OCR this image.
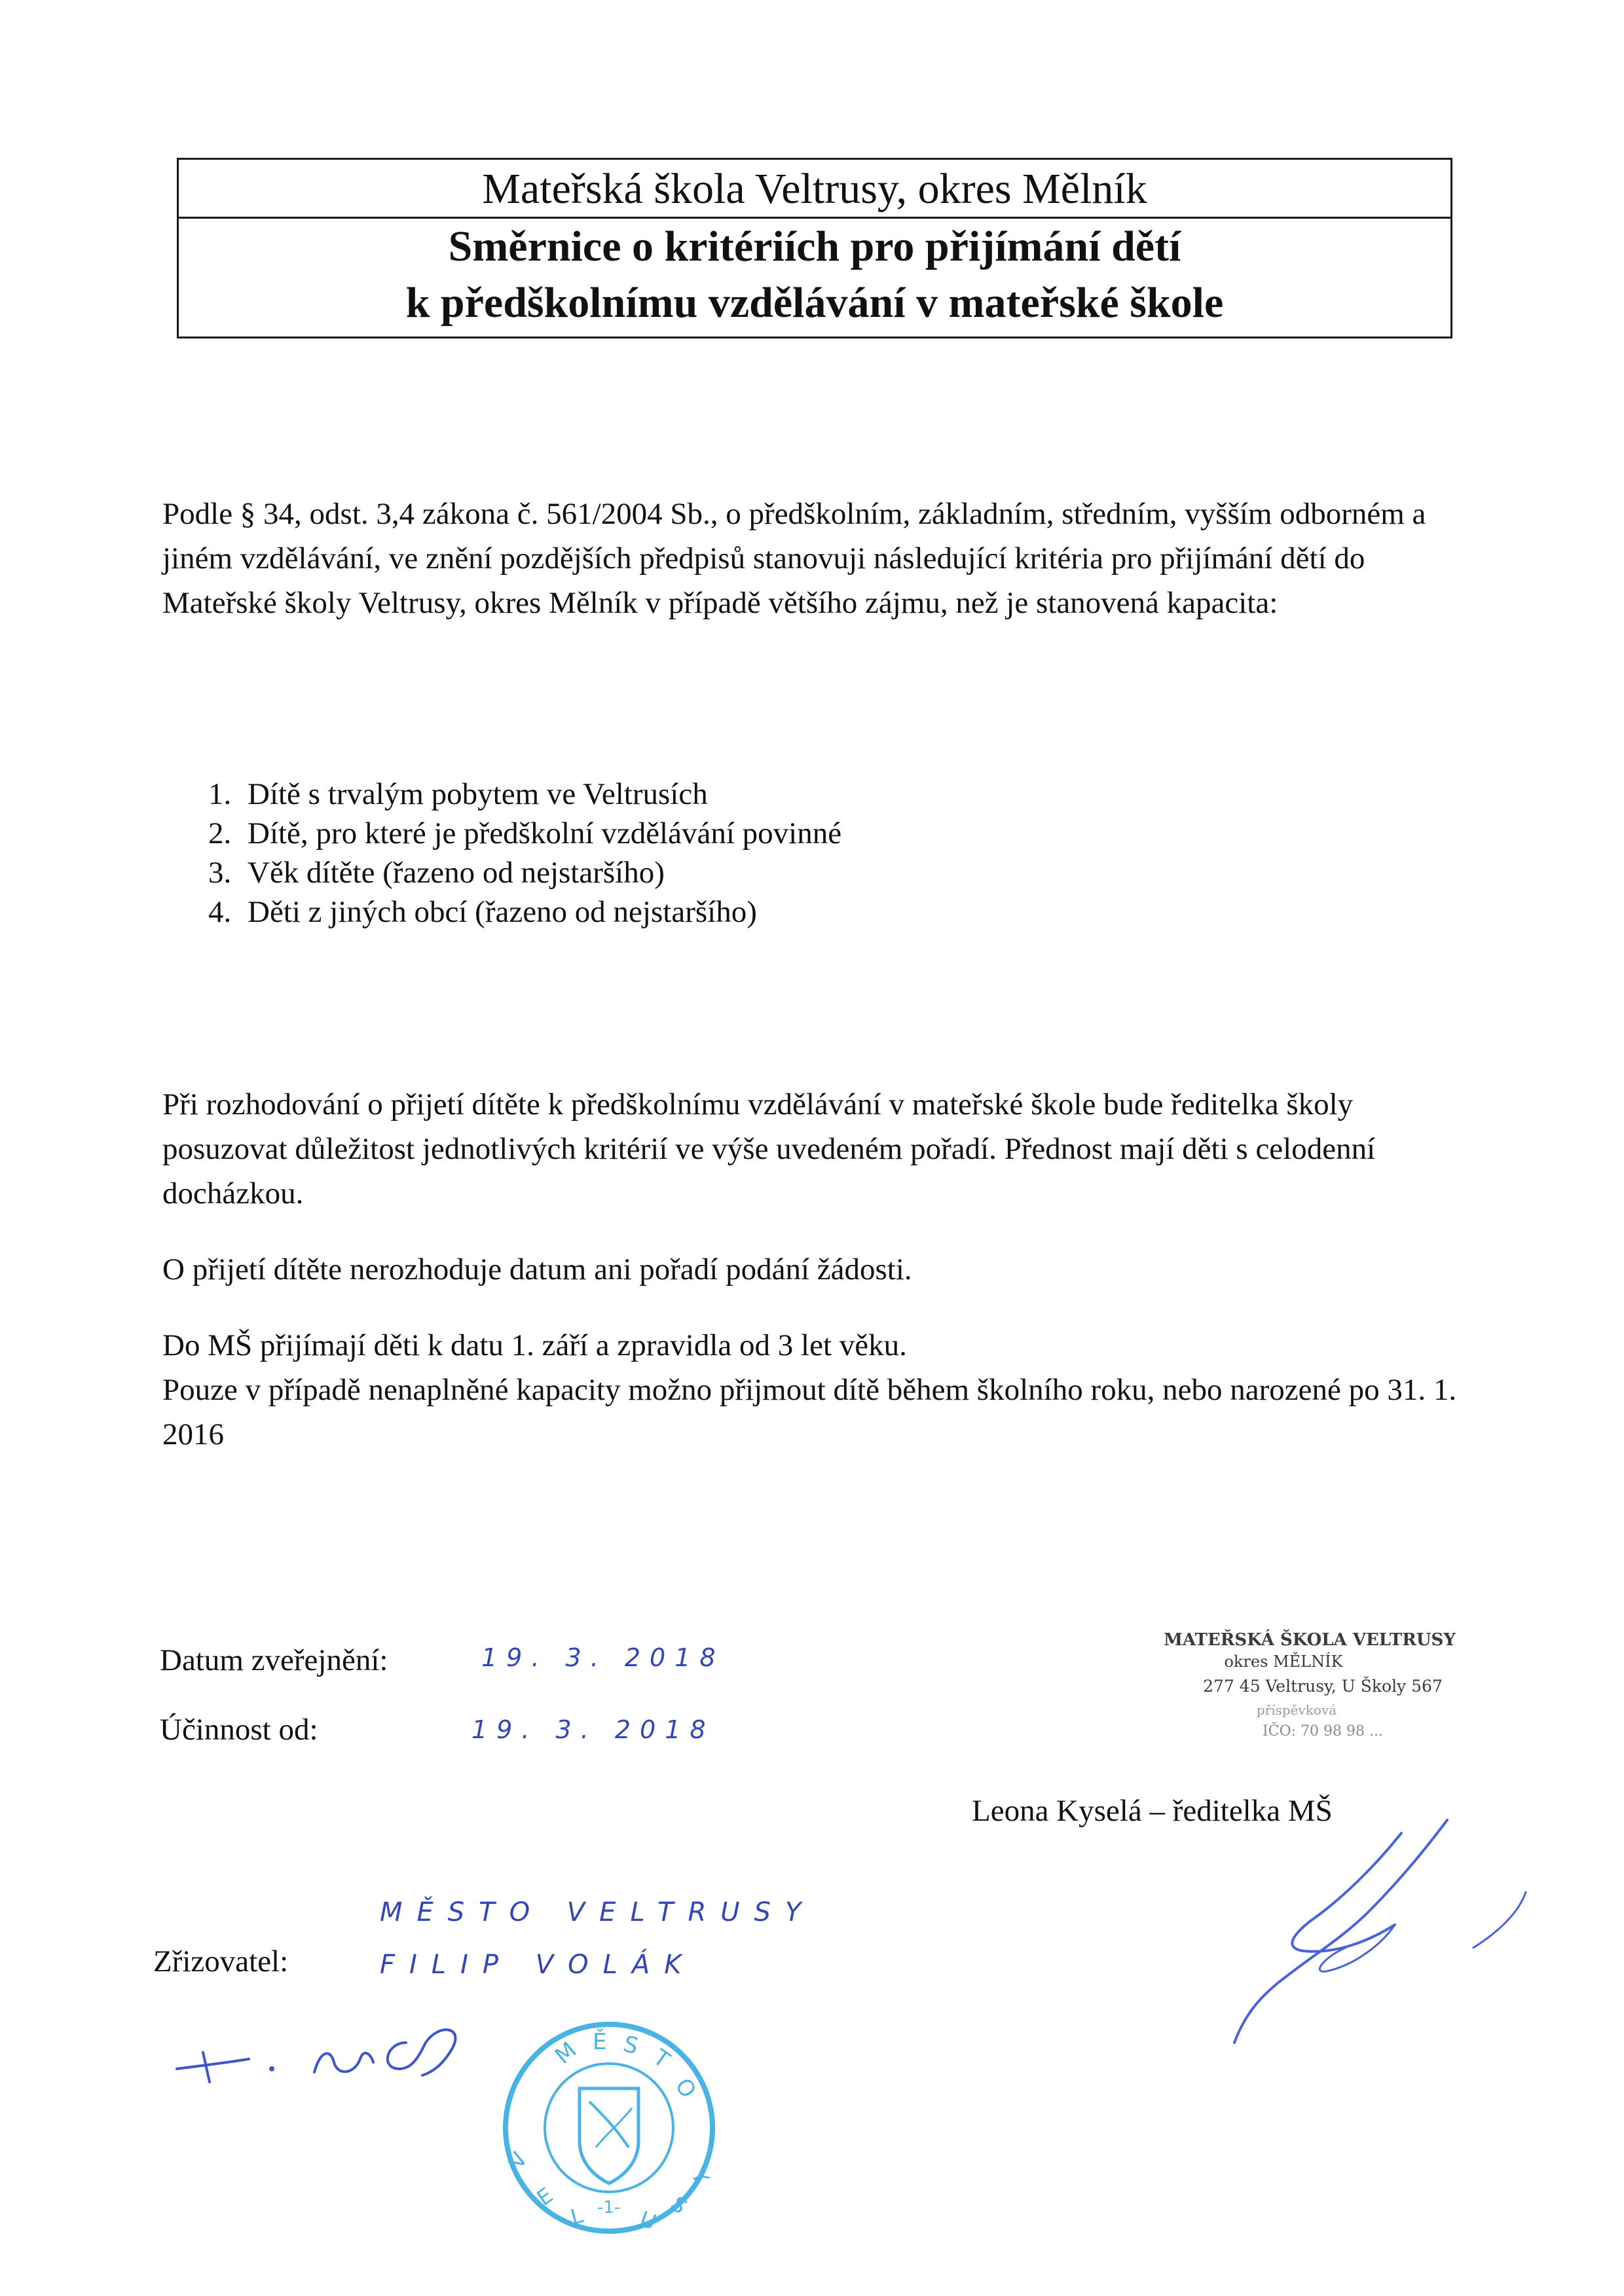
Mateřská škola Veltrusy, okres Mělník
Směrnice o kritériích pro přijímání dětí
k předškolnímu vzdělávání v mateřské škole
Podle § 34, odst. 3,4 zákona č. 561/2004 Sb., o předškolním, základním, středním, vyšším odborném a jiném vzdělávání, ve znění pozdějších předpisů stanovuji následující kritéria pro přijímání dětí do Mateřské školy Veltrusy, okres Mělník v případě většího zájmu, než je stanovená kapacita:
1. Dítě s trvalým pobytem ve Veltrusích
2. Dítě, pro které je předškolní vzdělávání povinné
3. Věk dítěte (řazeno od nejstaršího)
4. Děti z jiných obcí (řazeno od nejstaršího)
Při rozhodování o přijetí dítěte k předškolnímu vzdělávání v mateřské škole bude ředitelka školy posuzovat důležitost jednotlivých kritérií ve výše uvedeném pořadí. Přednost mají děti s celodenní docházkou.
O přijetí dítěte nerozhoduje datum ani pořadí podání žádosti.
Do MŠ přijímají děti k datu 1. září a zpravidla od 3 let věku.
Pouze v případě nenaplněné kapacity možno přijmout dítě během školního roku, nebo narozené po 31. 1. 2016
Datum zveřejnění:	19. 3. 2018
Účinnost od:	19. 3. 2018
MATEŘSKÁ ŠKOLA VELTRUSY
okres MĚLNÍK
277 45 Veltrusy, U Školy 567
příspěvková
IČO: 70 98 98 ...
Leona Kyselá – ředitelka MŠ
MĚSTO VELTRUSY
Zřizovatel:	FILIP VOLÁK
M Ě S T
O
V
E
L U
S
Y
-1-
